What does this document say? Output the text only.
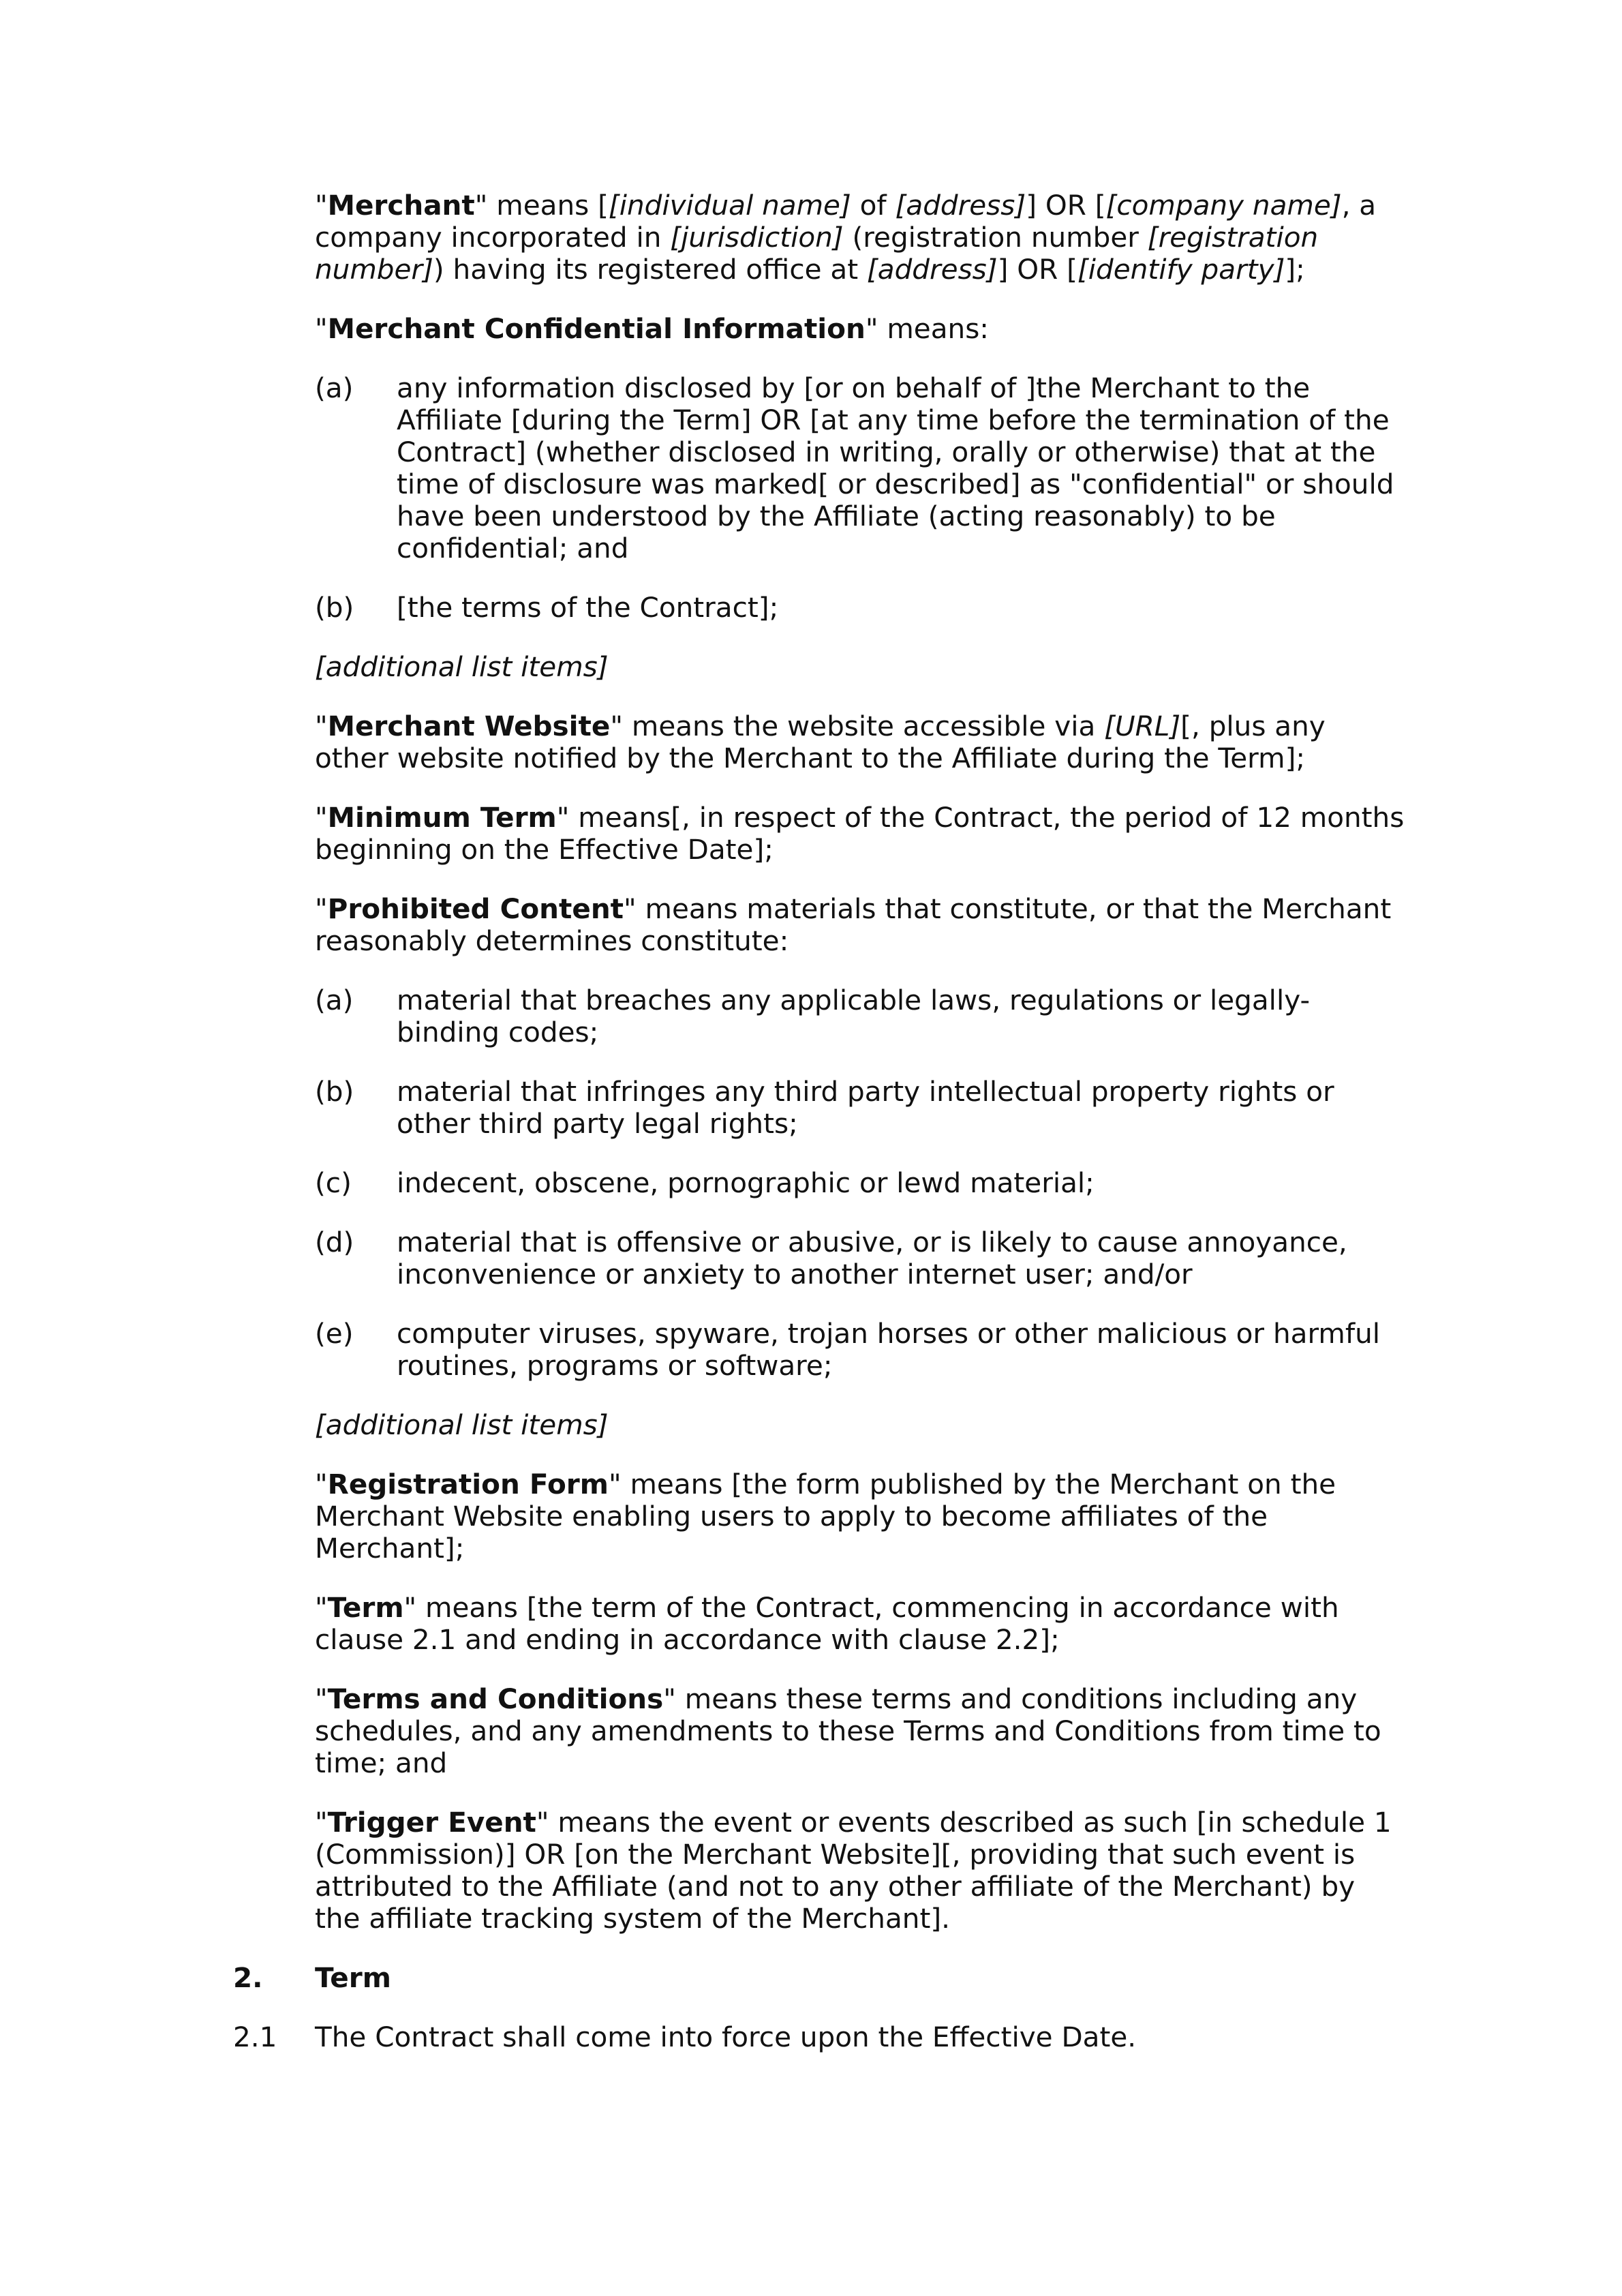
"Merchant" means [[individual name] of [address]] OR [[company name], a company incorporated in [jurisdiction] (registration number [registration number]) having its registered office at [address]] OR [[identify party]];

"Merchant Confidential Information" means:

(a)	any information disclosed by [or on behalf of ]the Merchant to the Affiliate [during the Term] OR [at any time before the termination of the Contract] (whether disclosed in writing, orally or otherwise) that at the time of disclosure was marked[ or described] as "confidential" or should have been understood by the Affiliate (acting reasonably) to be confidential; and
(b)	[the terms of the Contract];

[additional list items]

"Merchant Website" means the website accessible via [URL][, plus any other website notified by the Merchant to the Affiliate during the Term];

"Minimum Term" means[, in respect of the Contract, the period of 12 months beginning on the Effective Date];

"Prohibited Content" means materials that constitute, or that the Merchant reasonably determines constitute:

(a)	material that breaches any applicable laws, regulations or legally-binding codes;
(b)	material that infringes any third party intellectual property rights or other third party legal rights;
(c)	indecent, obscene, pornographic or lewd material;
(d)	material that is offensive or abusive, or is likely to cause annoyance, inconvenience or anxiety to another internet user; and/or
(e)	computer viruses, spyware, trojan horses or other malicious or harmful routines, programs or software;

[additional list items]

"Registration Form" means [the form published by the Merchant on the Merchant Website enabling users to apply to become affiliates of the Merchant];

"Term" means [the term of the Contract, commencing in accordance with clause 2.1 and ending in accordance with clause 2.2];

"Terms and Conditions" means these terms and conditions including any schedules, and any amendments to these Terms and Conditions from time to time; and

"Trigger Event" means the event or events described as such [in schedule 1 (Commission)] OR [on the Merchant Website][, providing that such event is attributed to the Affiliate (and not to any other affiliate of the Merchant) by the affiliate tracking system of the Merchant].

2.	Term
2.1	The Contract shall come into force upon the Effective Date.
